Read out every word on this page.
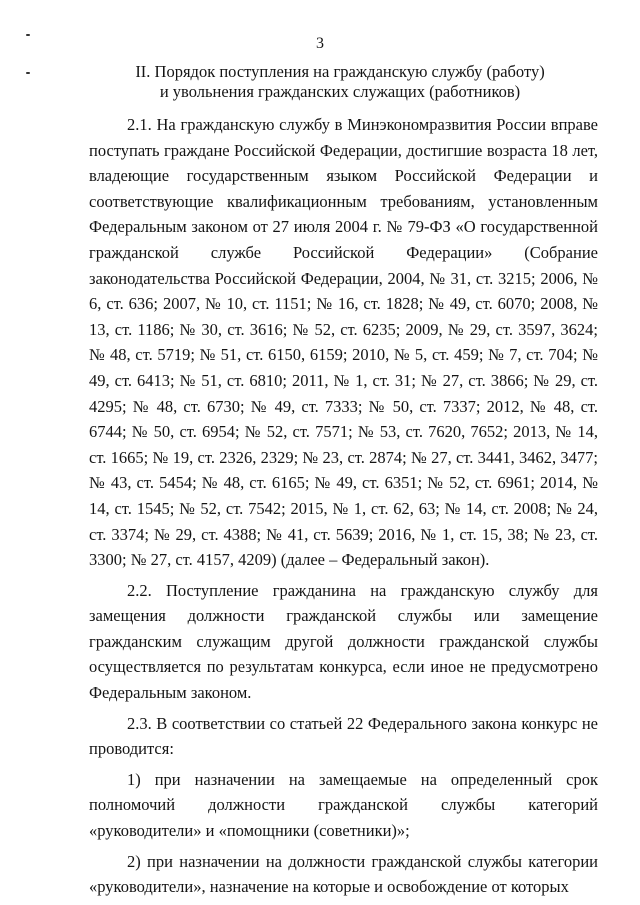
3
II. Порядок поступления на гражданскую службу (работу)
и увольнения гражданских служащих (работников)

2.1. На гражданскую службу в Минэкономразвития России вправе поступать граждане Российской Федерации, достигшие возраста 18 лет, владеющие государственным языком Российской Федерации и соответствующие квалификационным требованиям, установленным Федеральным законом от 27 июля 2004 г. № 79-ФЗ «О государственной гражданской службе Российской Федерации» (Собрание законодательства Российской Федерации, 2004, № 31, ст. 3215; 2006, № 6, ст. 636; 2007, № 10, ст. 1151; № 16, ст. 1828; № 49, ст. 6070; 2008, № 13, ст. 1186; № 30, ст. 3616; № 52, ст. 6235; 2009, № 29, ст. 3597, 3624; № 48, ст. 5719; № 51, ст. 6150, 6159; 2010, № 5, ст. 459; № 7, ст. 704; № 49, ст. 6413; № 51, ст. 6810; 2011, № 1, ст. 31; № 27, ст. 3866; № 29, ст. 4295; № 48, ст. 6730; № 49, ст. 7333; № 50, ст. 7337; 2012, № 48, ст. 6744; № 50, ст. 6954; № 52, ст. 7571; № 53, ст. 7620, 7652; 2013, № 14, ст. 1665; № 19, ст. 2326, 2329; № 23, ст. 2874; № 27, ст. 3441, 3462, 3477; № 43, ст. 5454; № 48, ст. 6165; № 49, ст. 6351; № 52, ст. 6961; 2014, № 14, ст. 1545; № 52, ст. 7542; 2015, № 1, ст. 62, 63; № 14, ст. 2008; № 24, ст. 3374; № 29, ст. 4388; № 41, ст. 5639; 2016, № 1, ст. 15, 38; № 23, ст. 3300; № 27, ст. 4157, 4209) (далее – Федеральный закон).

2.2. Поступление гражданина на гражданскую службу для замещения должности гражданской службы или замещение гражданским служащим другой должности гражданской службы осуществляется по результатам конкурса, если иное не предусмотрено Федеральным законом.

2.3. В соответствии со статьей 22 Федерального закона конкурс не проводится:

1) при назначении на замещаемые на определенный срок полномочий должности гражданской службы категорий «руководители» и «помощники (советники)»;

2) при назначении на должности гражданской службы категории «руководители», назначение на которые и освобождение от которых
